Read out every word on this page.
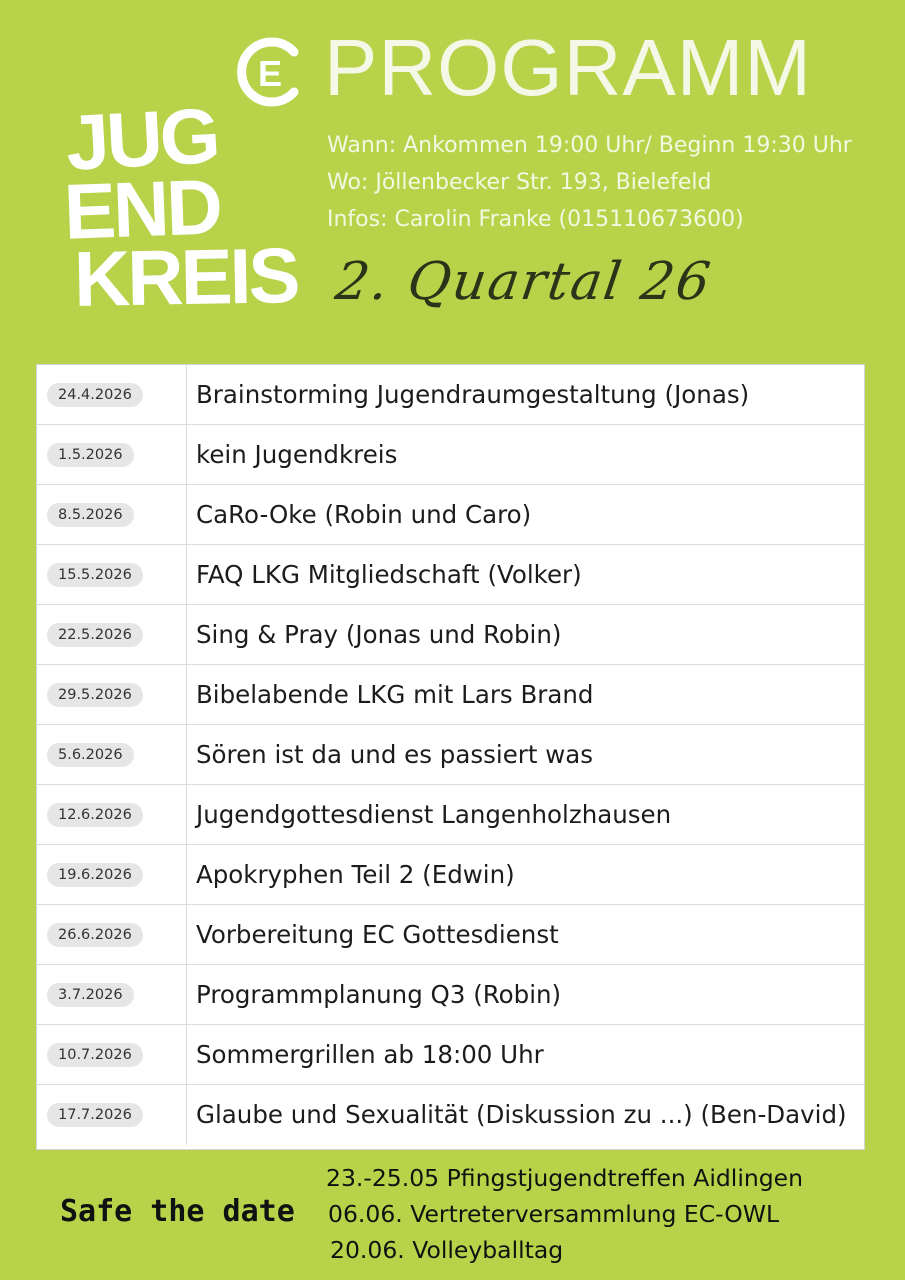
E PROGRAMM
JUG
END
KREIS
Wann: Ankommen 19:00 Uhr/ Beginn 19:30 Uhr
Wo: Jöllenbecker Str. 193, Bielefeld
Infos: Carolin Franke (015110673600)
2. Quartal 26
24.4.2026	Brainstorming Jugendraumgestaltung (Jonas)
1.5.2026	kein Jugendkreis
8.5.2026	CaRo-Oke (Robin und Caro)
15.5.2026	FAQ LKG Mitgliedschaft (Volker)
22.5.2026	Sing & Pray (Jonas und Robin)
29.5.2026	Bibelabende LKG mit Lars Brand
5.6.2026	Sören ist da und es passiert was
12.6.2026	Jugendgottesdienst Langenholzhausen
19.6.2026	Apokryphen Teil 2 (Edwin)
26.6.2026	Vorbereitung EC Gottesdienst
3.7.2026	Programmplanung Q3 (Robin)
10.7.2026	Sommergrillen ab 18:00 Uhr
17.7.2026	Glaube und Sexualität (Diskussion zu ...) (Ben-David)
Safe the date
23.-25.05 Pfingstjugendtreffen Aidlingen
06.06. Vertreterversammlung EC-OWL
20.06. Volleyballtag
